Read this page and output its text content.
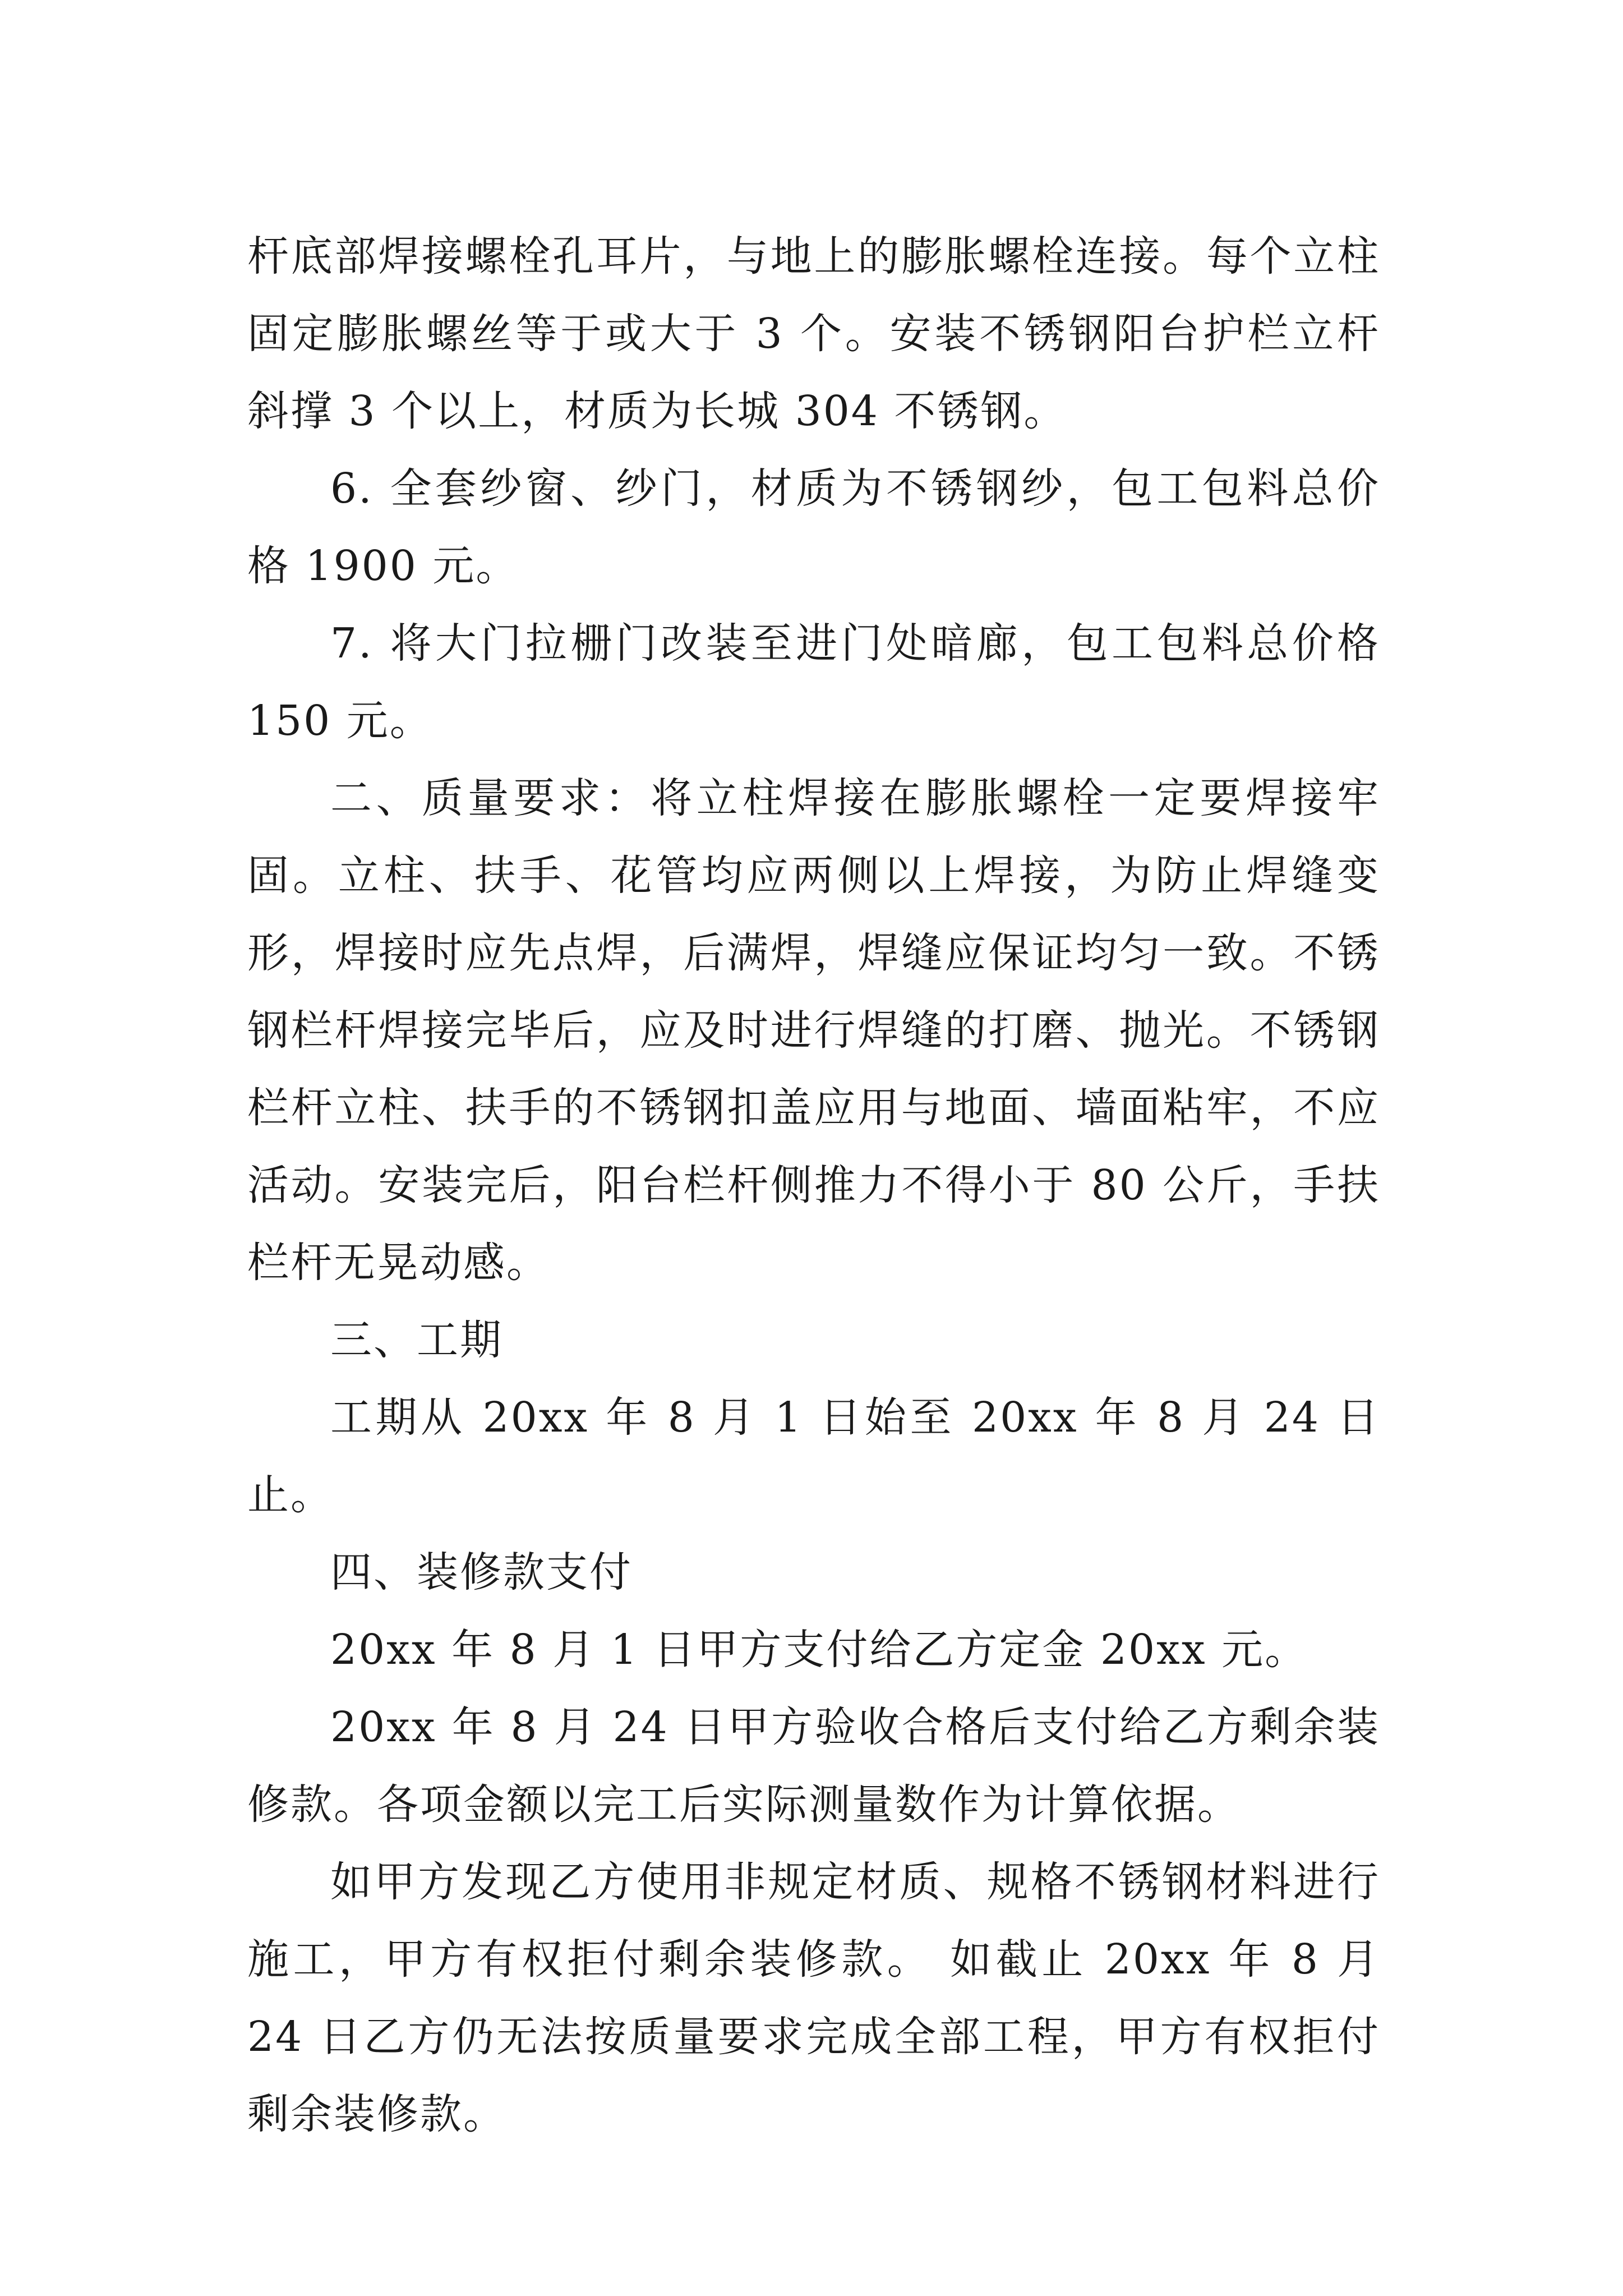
杆底部焊接螺栓孔耳片，与地上的膨胀螺栓连接。每个立柱固定膨胀螺丝等于或大于 3 个。安装不锈钢阳台护栏立杆斜撑 3 个以上，材质为长城 304 不锈钢。

6. 全套纱窗、纱门，材质为不锈钢纱，包工包料总价格 1900 元。

7. 将大门拉栅门改装至进门处暗廊，包工包料总价格 150 元。

二、质量要求：将立柱焊接在膨胀螺栓一定要焊接牢固。立柱、扶手、花管均应两侧以上焊接，为防止焊缝变形，焊接时应先点焊，后满焊，焊缝应保证均匀一致。不锈钢栏杆焊接完毕后，应及时进行焊缝的打磨、抛光。不锈钢栏杆立柱、扶手的不锈钢扣盖应用与地面、墙面粘牢，不应活动。安装完后，阳台栏杆侧推力不得小于 80 公斤，手扶栏杆无晃动感。

三、工期

工期从 20xx 年 8 月 1 日始至 20xx 年 8 月 24 日止。

四、装修款支付

20xx 年 8 月 1 日甲方支付给乙方定金 20xx 元。

20xx 年 8 月 24 日甲方验收合格后支付给乙方剩余装修款。各项金额以完工后实际测量数作为计算依据。

如甲方发现乙方使用非规定材质、规格不锈钢材料进行施工，甲方有权拒付剩余装修款。 如截止 20xx 年 8 月 24 日乙方仍无法按质量要求完成全部工程，甲方有权拒付剩余装修款。
